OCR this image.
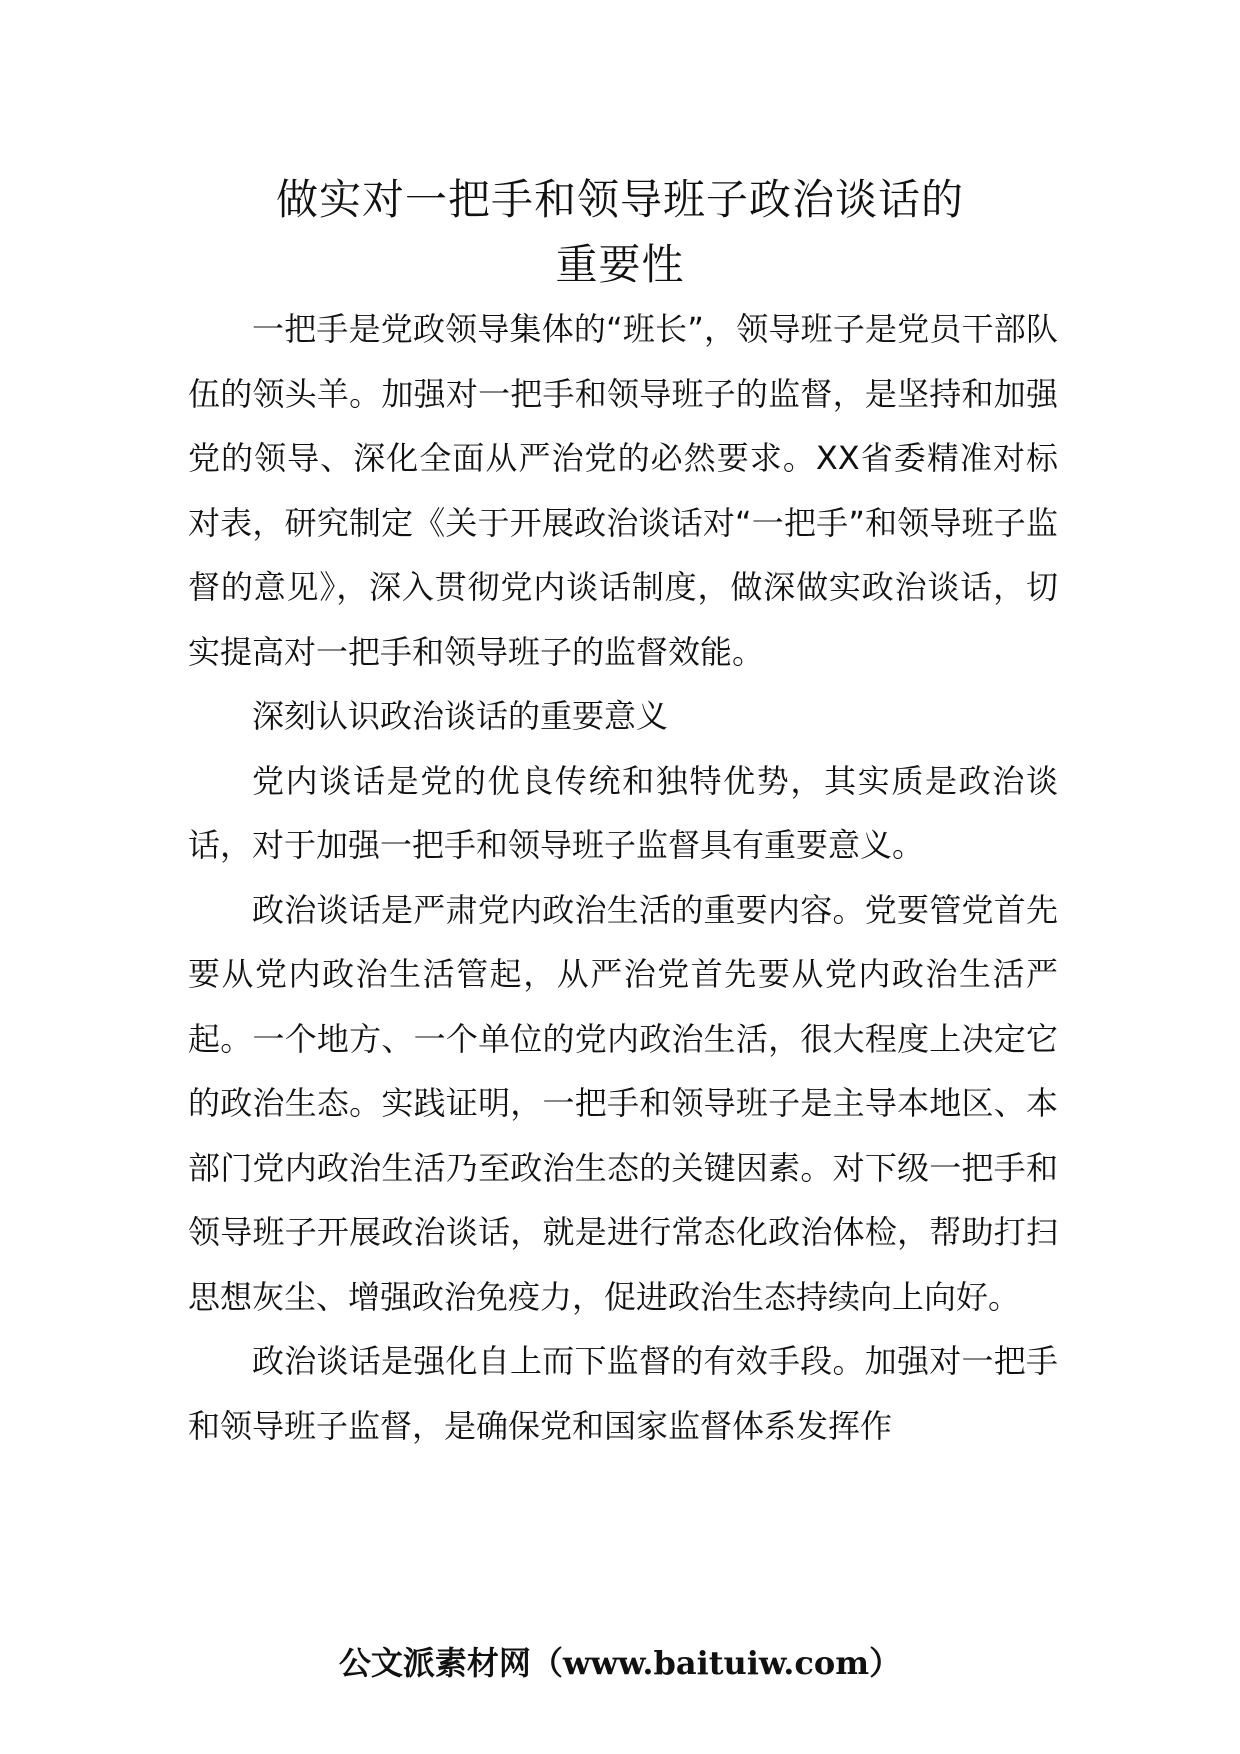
做实对一把手和领导班子政治谈话的
重要性

一把手是党政领导集体的“班长”，领导班子是党员干部队伍的领头羊。加强对一把手和领导班子的监督，是坚持和加强党的领导、深化全面从严治党的必然要求。XX省委精准对标对表，研究制定《关于开展政治谈话对“一把手”和领导班子监督的意见》，深入贯彻党内谈话制度，做深做实政治谈话，切实提高对一把手和领导班子的监督效能。

深刻认识政治谈话的重要意义

党内谈话是党的优良传统和独特优势，其实质是政治谈话，对于加强一把手和领导班子监督具有重要意义。

政治谈话是严肃党内政治生活的重要内容。党要管党首先要从党内政治生活管起，从严治党首先要从党内政治生活严起。一个地方、一个单位的党内政治生活，很大程度上决定它的政治生态。实践证明，一把手和领导班子是主导本地区、本部门党内政治生活乃至政治生态的关键因素。对下级一把手和领导班子开展政治谈话，就是进行常态化政治体检，帮助打扫思想灰尘、增强政治免疫力，促进政治生态持续向上向好。

政治谈话是强化自上而下监督的有效手段。加强对一把手和领导班子监督，是确保党和国家监督体系发挥作

公文派素材网（www.baituiw.com）
